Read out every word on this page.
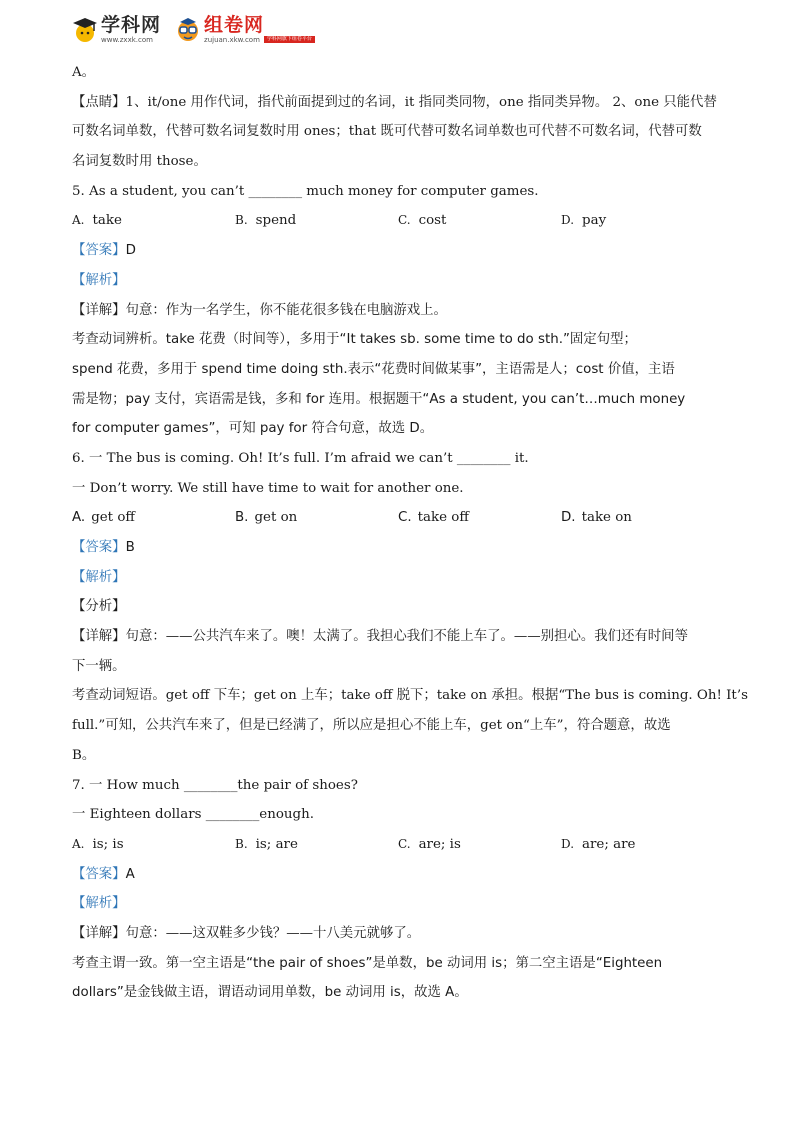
学科网
www.zxxk.com
组卷网
zujuan.xkw.com	学科网旗下组卷平台
A。
【点睛】1、it/one 用作代词，指代前面提到过的名词，it 指同类同物，one 指同类异物。 2、one 只能代替
可数名词单数，代替可数名词复数时用 ones；that 既可代替可数名词单数也可代替不可数名词，代替可数
名词复数时用 those。
5. As a student, you can’t ________ much money for computer games.
A. take	B. spend	C. cost	D. pay
【答案】D
【解析】
【详解】句意：作为一名学生，你不能花很多钱在电脑游戏上。
考查动词辨析。take 花费（时间等），多用于“It takes sb. some time to do sth.”固定句型；
spend 花费，多用于 spend time doing sth.表示“花费时间做某事”，主语需是人；cost 价值，主语
需是物；pay 支付，宾语需是钱，多和 for 连用。根据题干“As a student, you can’t…much money
for computer games”，可知 pay for 符合句意，故选 D。
6. 一 The bus is coming. Oh! It’s full. I’m afraid we can’t ________ it.
一 Don’t worry. We still have time to wait for another one.
A. get off	B. get on	C. take off	D. take on
【答案】B
【解析】
【分析】
【详解】句意：——公共汽车来了。噢！太满了。我担心我们不能上车了。——别担心。我们还有时间等
下一辆。
考查动词短语。get off 下车；get on 上车；take off 脱下；take on 承担。根据“The bus is coming. Oh! It’s
full.”可知，公共汽车来了，但是已经满了，所以应是担心不能上车，get on“上车”，符合题意，故选
B。
7. 一 How much ________the pair of shoes?
一 Eighteen dollars ________enough.
A. is; is	B. is; are	C. are; is	D. are; are
【答案】A
【解析】
【详解】句意：——这双鞋多少钱？——十八美元就够了。
考查主谓一致。第一空主语是“the pair of shoes”是单数，be 动词用 is；第二空主语是“Eighteen
dollars”是金钱做主语，谓语动词用单数，be 动词用 is，故选 A。
